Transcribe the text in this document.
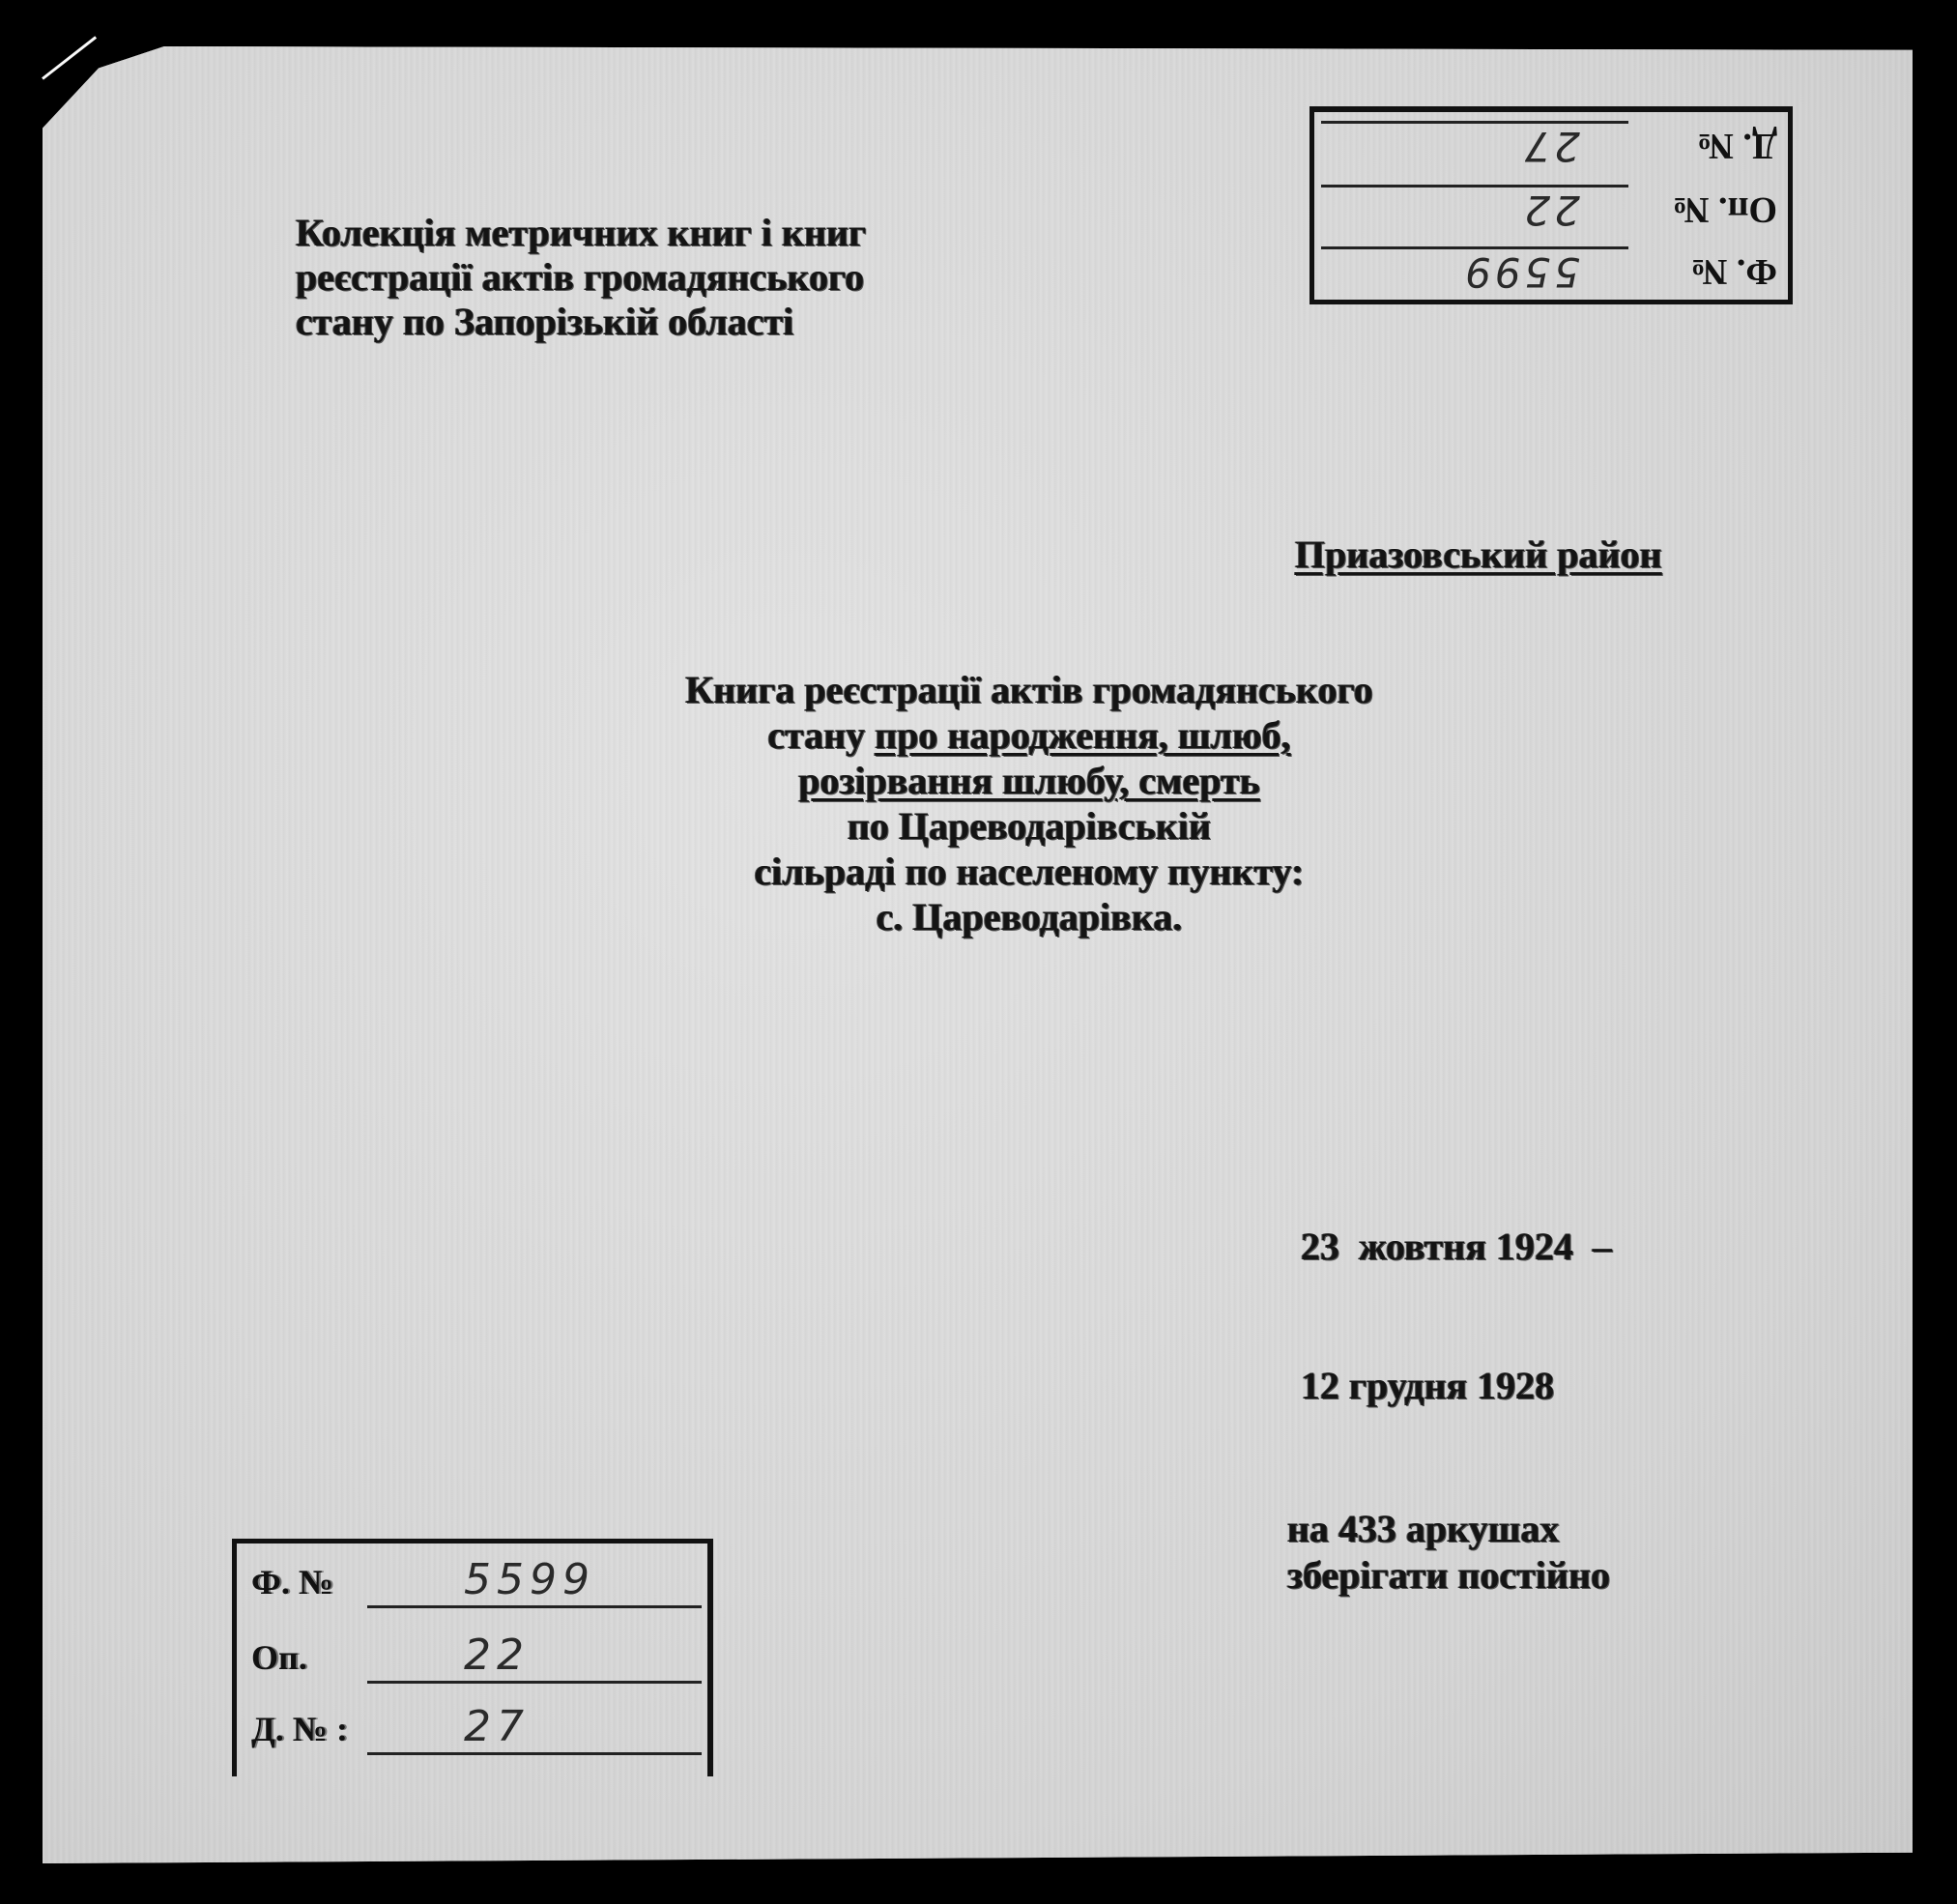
Колекція метричних книг і книг
реєстрації актів громадянського
стану по Запорізькій області
Приазовський район
Книга реєстрації актів громадянського
стану про народження, шлюб,
розірвання шлюбу, смерть
по Цареводарівській
сільраді по населеному пункту:
с. Цареводарівка.

23  жовтня 1924  –

12 грудня 1928

на 433 аркушах
зберігати постійно
Ф. №
5599
Оп. №
22
Д. №
27
Ф. №	5599
Оп.	22
Д. № :	27
